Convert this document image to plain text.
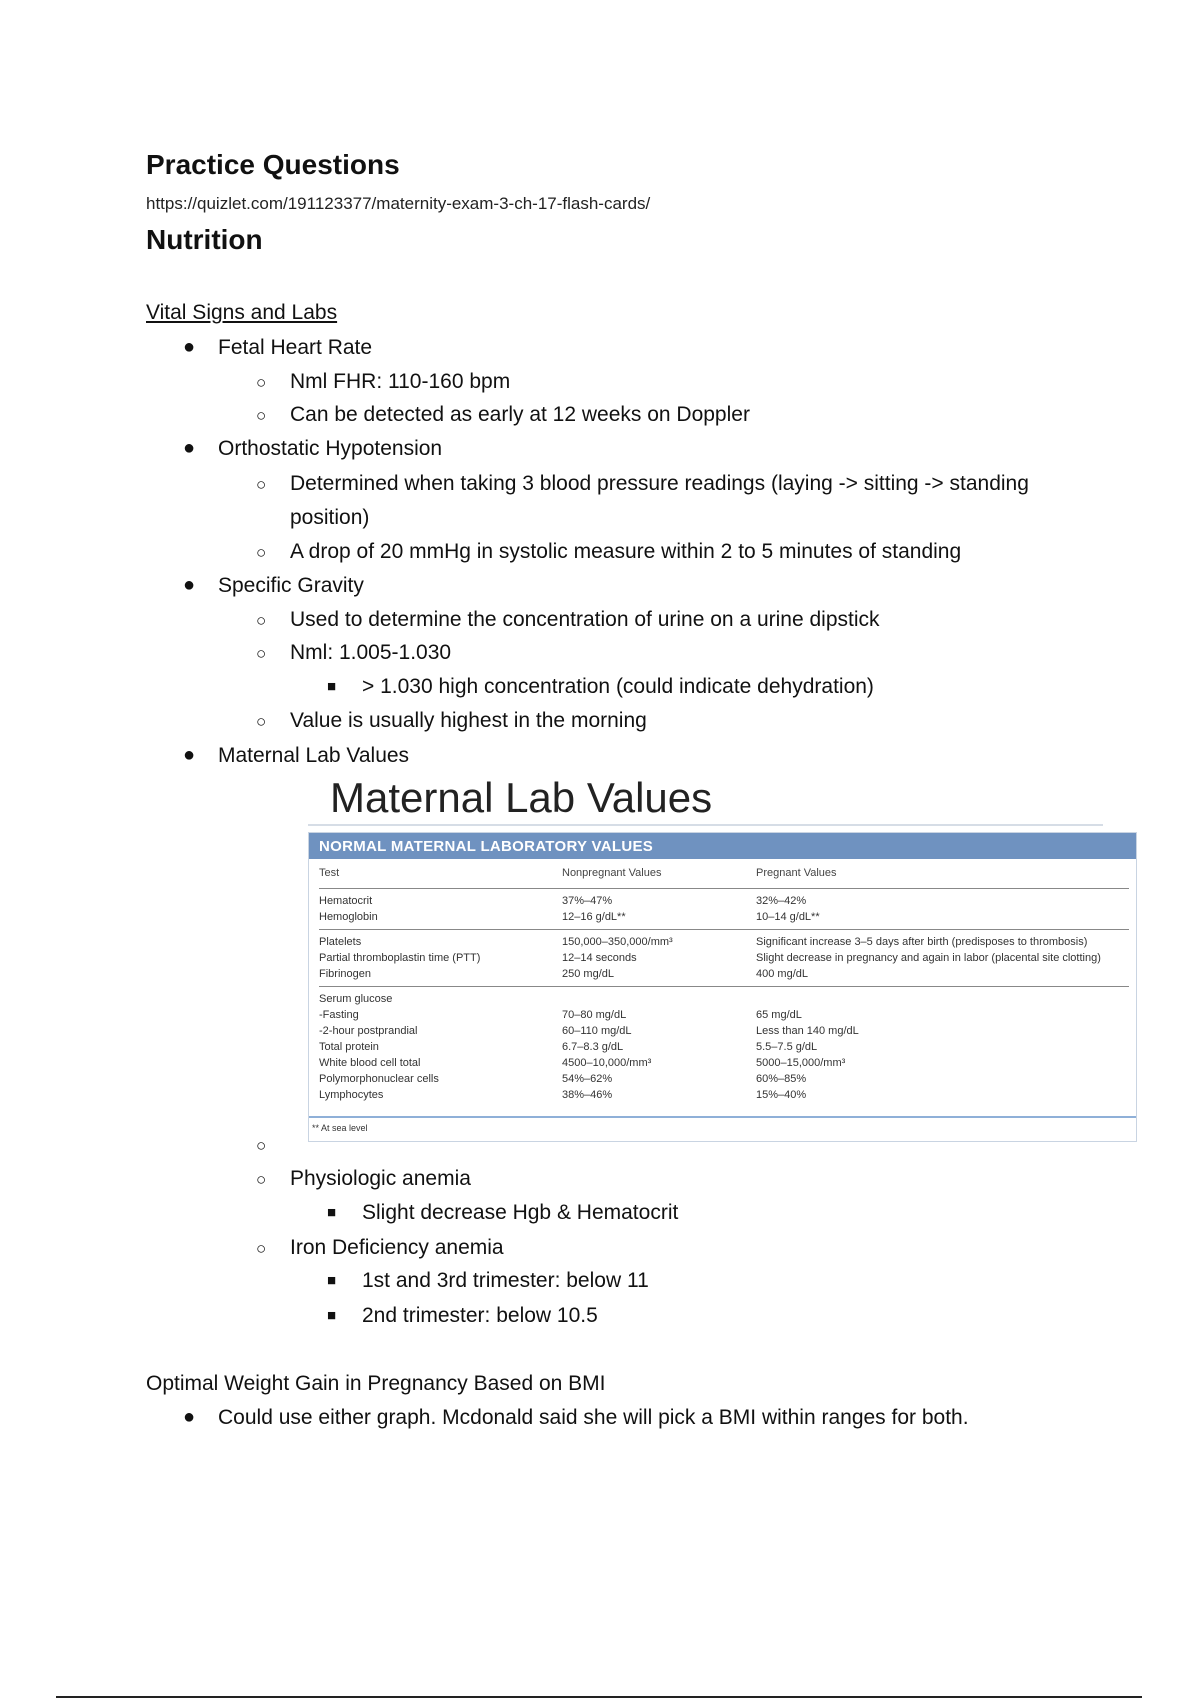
Practice Questions
https://quizlet.com/191123377/maternity-exam-3-ch-17-flash-cards/
Nutrition
Vital Signs and Labs
● Fetal Heart Rate
○ Nml FHR: 110-160 bpm
○ Can be detected as early at 12 weeks on Doppler
● Orthostatic Hypotension
○ Determined when taking 3 blood pressure readings (laying -> sitting -> standing
position)
○ A drop of 20 mmHg in systolic measure within 2 to 5 minutes of standing
● Specific Gravity
○ Used to determine the concentration of urine on a urine dipstick
○ Nml: 1.005-1.030
■ > 1.030 high concentration (could indicate dehydration)
○ Value is usually highest in the morning
● Maternal Lab Values
Maternal Lab Values
NORMAL MATERNAL LABORATORY VALUES
Test	Nonpregnant Values	Pregnant Values
Hematocrit	37%–47%	32%–42%
Hemoglobin	12–16 g/dL**	10–14 g/dL**
Platelets	150,000–350,000/mm³	Significant increase 3–5 days after birth (predisposes to thrombosis)
Partial thromboplastin time (PTT)	12–14 seconds	Slight decrease in pregnancy and again in labor (placental site clotting)
Fibrinogen	250 mg/dL	400 mg/dL
Serum glucose
-Fasting	70–80 mg/dL	65 mg/dL
-2-hour postprandial	60–110 mg/dL	Less than 140 mg/dL
Total protein	6.7–8.3 g/dL	5.5–7.5 g/dL
White blood cell total	4500–10,000/mm³	5000–15,000/mm³
Polymorphonuclear cells	54%–62%	60%–85%
Lymphocytes	38%–46%	15%–40%
** At sea level
○
○ Physiologic anemia
■ Slight decrease Hgb & Hematocrit
○ Iron Deficiency anemia
■ 1st and 3rd trimester: below 11
■ 2nd trimester: below 10.5
Optimal Weight Gain in Pregnancy Based on BMI
● Could use either graph. Mcdonald said she will pick a BMI within ranges for both.
